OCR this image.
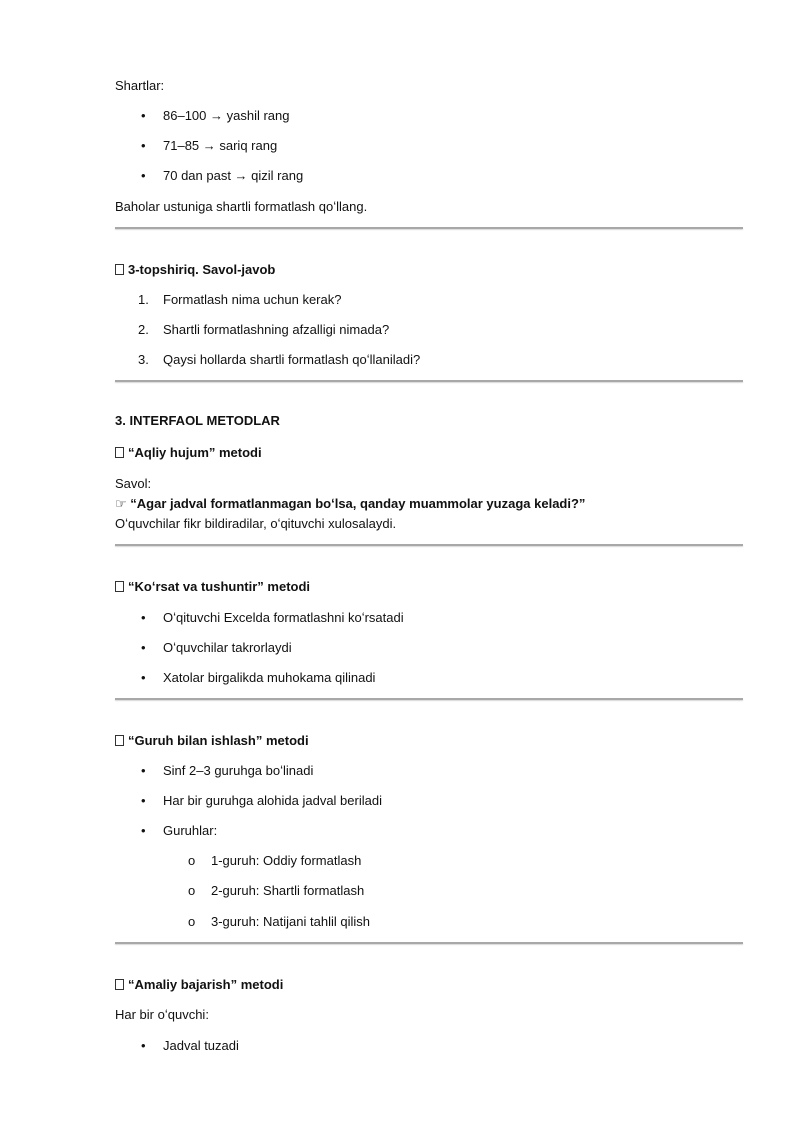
Shartlar:
• 86–100 → yashil rang
• 71–85 → sariq rang
• 70 dan past → qizil rang
Baholar ustuniga shartli formatlash qoʻllang.
3-topshiriq. Savol-javob
1. Formatlash nima uchun kerak?
2. Shartli formatlashning afzalligi nimada?
3. Qaysi hollarda shartli formatlash qoʻllaniladi?
3. INTERFAOL METODLAR
“Aqliy hujum” metodi
Savol:
☞ “Agar jadval formatlanmagan boʻlsa, qanday muammolar yuzaga keladi?”
Oʻquvchilar fikr bildiradilar, oʻqituvchi xulosalaydi.
“Koʻrsat va tushuntir” metodi
• Oʻqituvchi Excelda formatlashni koʻrsatadi
• Oʻquvchilar takrorlaydi
• Xatolar birgalikda muhokama qilinadi
“Guruh bilan ishlash” metodi
• Sinf 2–3 guruhga boʻlinadi
• Har bir guruhga alohida jadval beriladi
• Guruhlar:
o 1-guruh: Oddiy formatlash
o 2-guruh: Shartli formatlash
o 3-guruh: Natijani tahlil qilish
“Amaliy bajarish” metodi
Har bir oʻquvchi:
• Jadval tuzadi
